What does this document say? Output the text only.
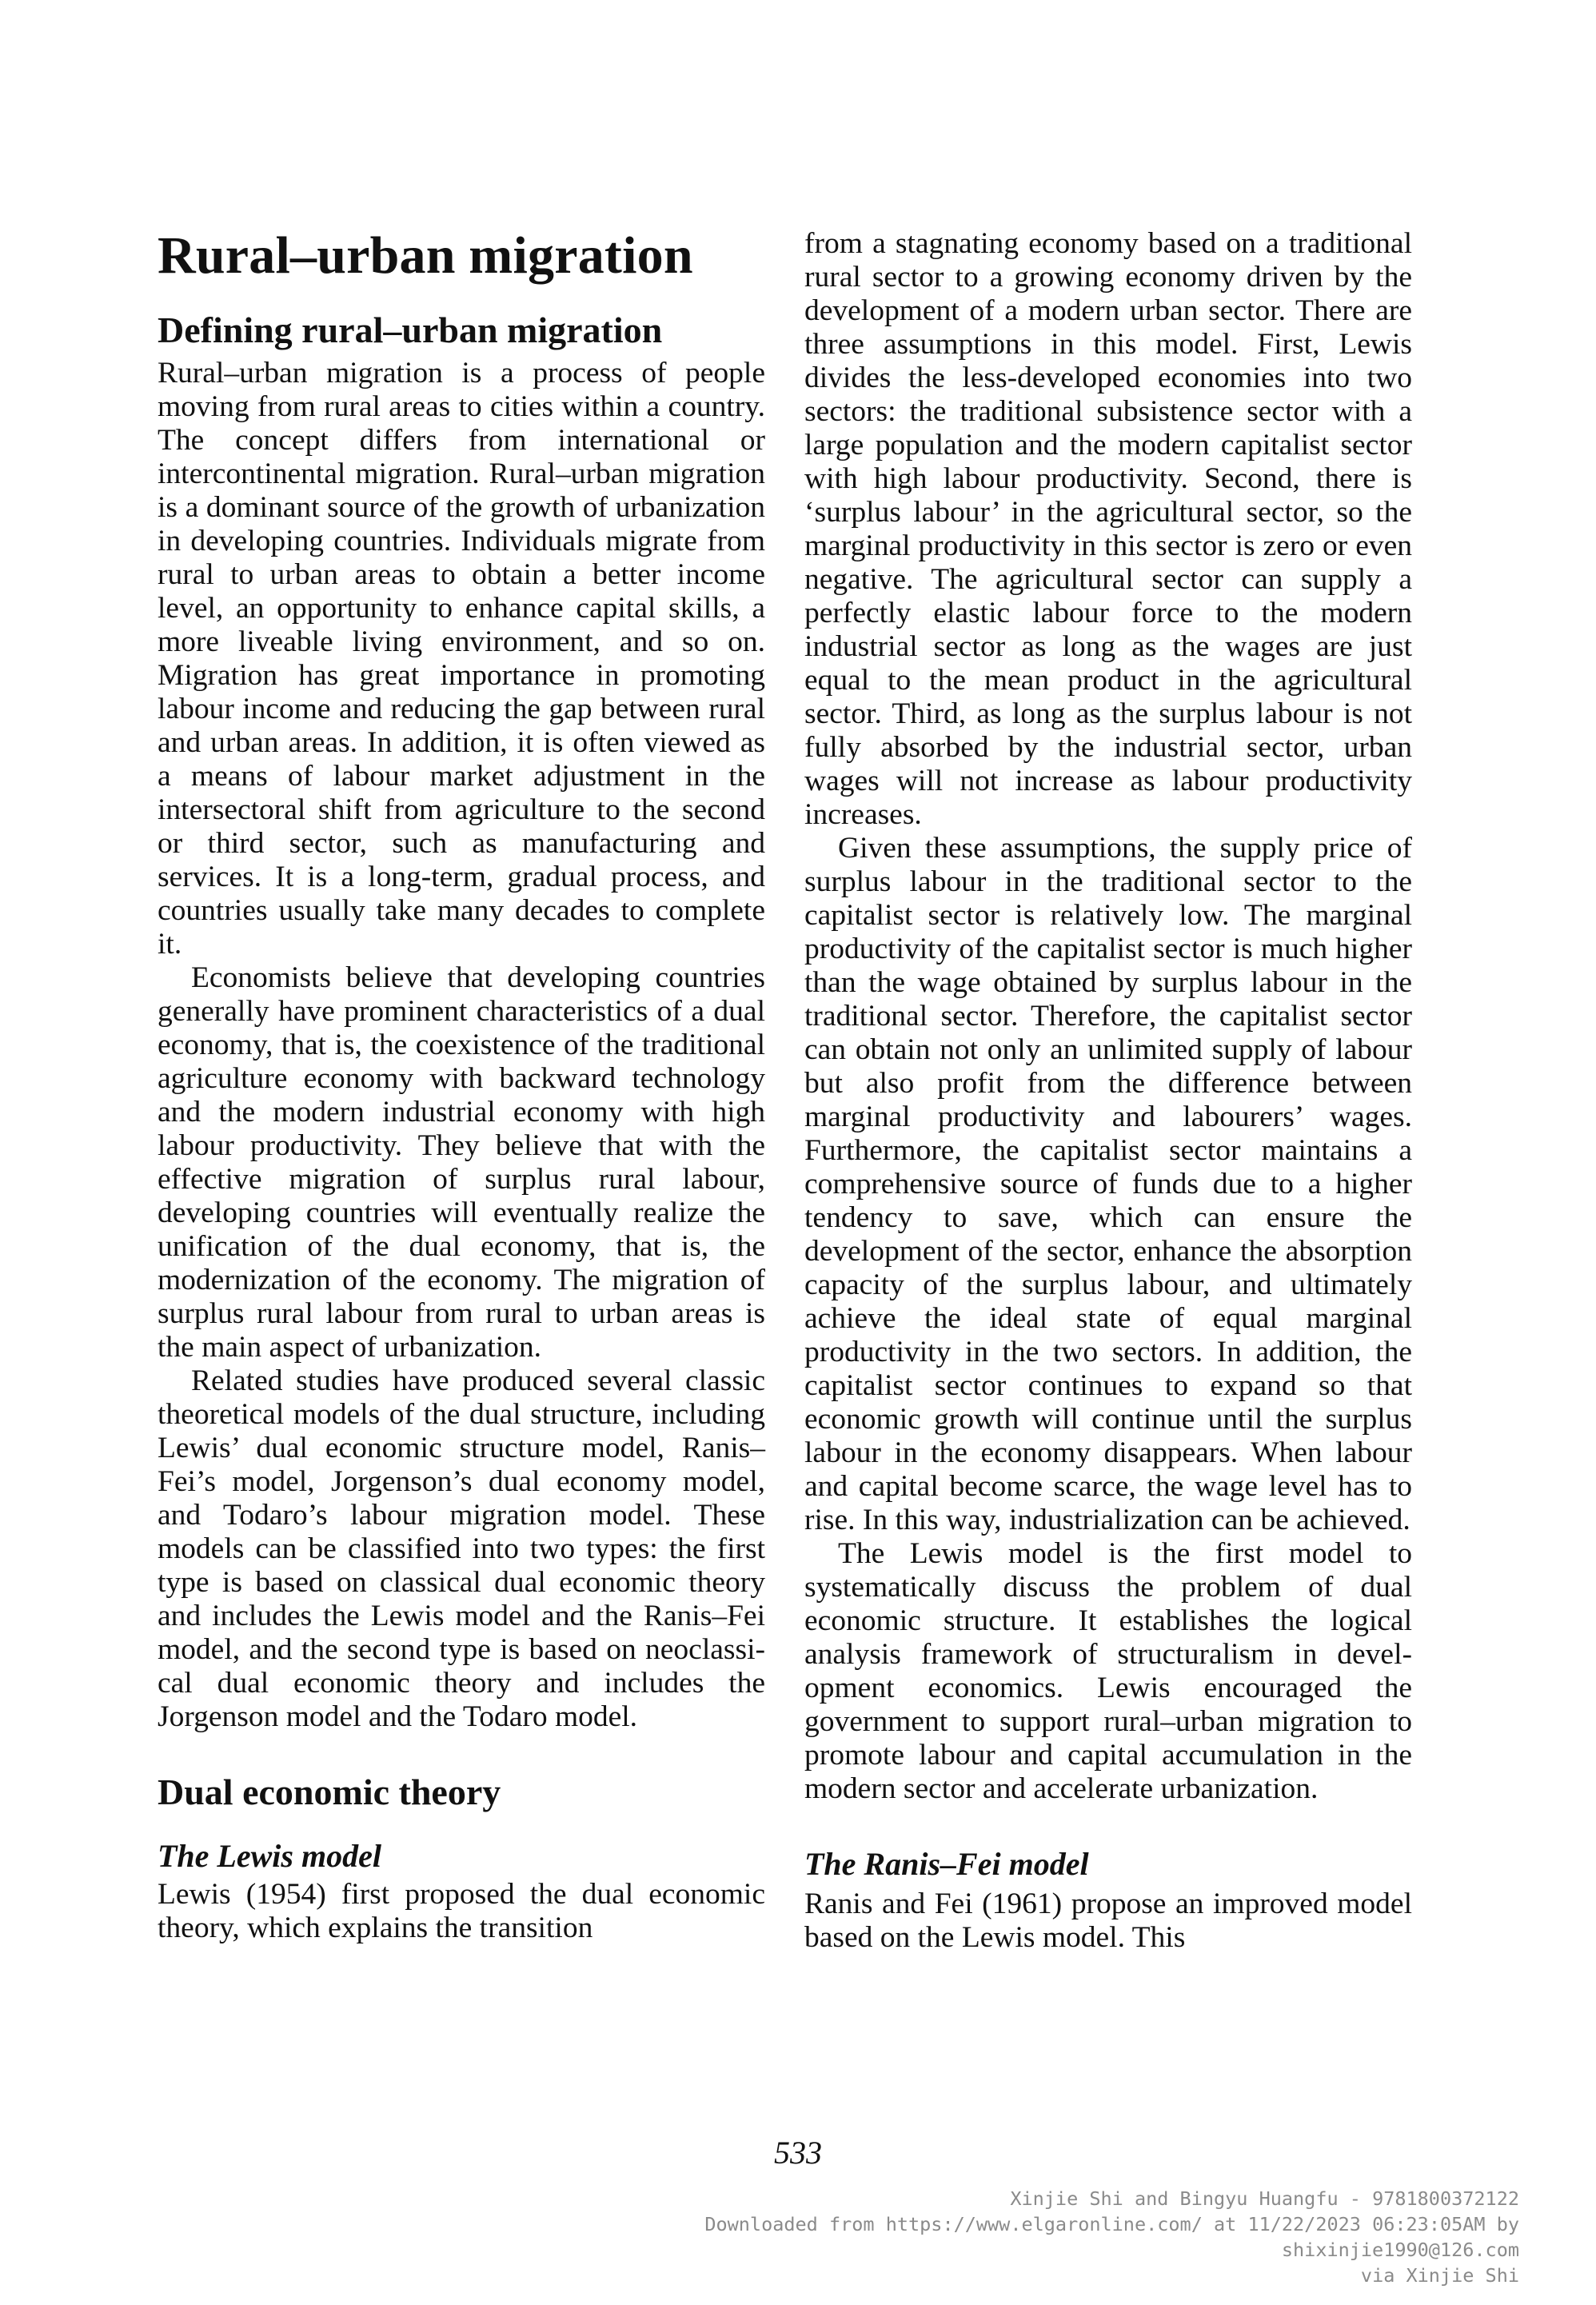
Rural–urban migration
Defining rural–urban migration

Rural–urban migration is a process of people moving from rural areas to cities within a country. The concept differs from international or intercontinental migration. Rural–urban migration is a dominant source of the growth of urbanization in developing countries. Individuals migrate from rural to urban areas to obtain a better income level, an opportunity to enhance capital skills, a more liveable living environment, and so on. Migration has great importance in promoting labour income and reducing the gap between rural and urban areas. In addition, it is often viewed as a means of labour market adjustment in the intersectoral shift from agriculture to the second or third sector, such as manufacturing and services. It is a long-term, gradual process, and countries usually take many decades to complete it.

Economists believe that developing countries generally have prominent characteristics of a dual economy, that is, the coexistence of the traditional agriculture economy with backward technology and the modern industrial economy with high labour productivity. They believe that with the effective migration of surplus rural labour, developing countries will eventually realize the unification of the dual economy, that is, the modernization of the economy. The migration of surplus rural labour from rural to urban areas is the main aspect of urbanization.

Related studies have produced several classic theoretical models of the dual structure, including Lewis’ dual economic structure model, Ranis–Fei’s model, Jorgenson’s dual economy model, and Todaro’s labour migration model. These models can be classified into two types: the first type is based on classical dual economic theory and includes the Lewis model and the Ranis–Fei model, and the second type is based on neoclassical dual economic theory and includes the Jorgenson model and the Todaro model.

Dual economic theory
The Lewis model

Lewis (1954) first proposed the dual economic theory, which explains the transition

from a stagnating economy based on a traditional rural sector to a growing economy driven by the development of a modern urban sector. There are three assumptions in this model. First, Lewis divides the less-developed economies into two sectors: the traditional subsistence sector with a large population and the modern capitalist sector with high labour productivity. Second, there is ‘surplus labour’ in the agricultural sector, so the marginal productivity in this sector is zero or even negative. The agricultural sector can supply a perfectly elastic labour force to the modern industrial sector as long as the wages are just equal to the mean product in the agricultural sector. Third, as long as the surplus labour is not fully absorbed by the industrial sector, urban wages will not increase as labour productivity increases.

Given these assumptions, the supply price of surplus labour in the traditional sector to the capitalist sector is relatively low. The marginal productivity of the capitalist sector is much higher than the wage obtained by surplus labour in the traditional sector. Therefore, the capitalist sector can obtain not only an unlimited supply of labour but also profit from the difference between marginal productivity and labourers’ wages. Furthermore, the capitalist sector maintains a comprehensive source of funds due to a higher tendency to save, which can ensure the development of the sector, enhance the absorption capacity of the surplus labour, and ultimately achieve the ideal state of equal marginal productivity in the two sectors. In addition, the capitalist sector continues to expand so that economic growth will continue until the surplus labour in the economy disappears. When labour and capital become scarce, the wage level has to rise. In this way, industrialization can be achieved.

The Lewis model is the first model to systematically discuss the problem of dual economic structure. It establishes the logical analysis framework of structuralism in development economics. Lewis encouraged the government to support rural–urban migration to promote labour and capital accumulation in the modern sector and accelerate urbanization.

The Ranis–Fei model

Ranis and Fei (1961) propose an improved model based on the Lewis model. This

533
Xinjie Shi and Bingyu Huangfu - 9781800372122
Downloaded from https://www.elgaronline.com/ at 11/22/2023 06:23:05AM by
shixinjie1990@126.com
via Xinjie Shi
